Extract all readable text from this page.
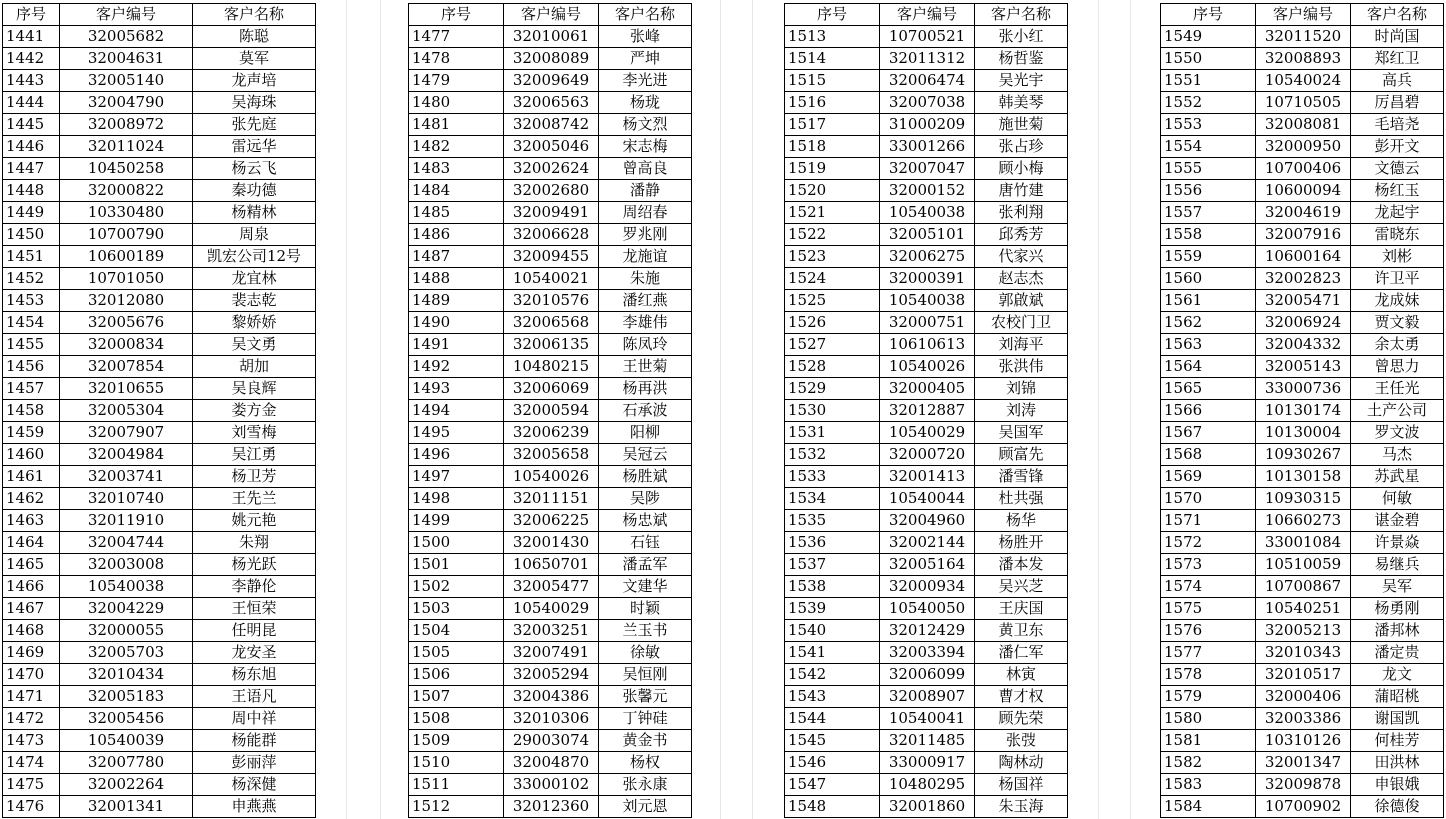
序号	客户编号	客户名称
1441	32005682	陈聪
1442	32004631	莫军
1443	32005140	龙声培
1444	32004790	吴海珠
1445	32008972	张先庭
1446	32011024	雷远华
1447	10450258	杨云飞
1448	32000822	秦功德
1449	10330480	杨精林
1450	10700790	周泉
1451	10600189	凯宏公司12号
1452	10701050	龙宜林
1453	32012080	裴志乾
1454	32005676	黎娇娇
1455	32000834	吴文勇
1456	32007854	胡加
1457	32010655	吴良辉
1458	32005304	娄方金
1459	32007907	刘雪梅
1460	32004984	吴江勇
1461	32003741	杨卫芳
1462	32010740	王先兰
1463	32011910	姚元艳
1464	32004744	朱翔
1465	32003008	杨光跃
1466	10540038	李静伦
1467	32004229	王恒荣
1468	32000055	任明昆
1469	32005703	龙安圣
1470	32010434	杨东旭
1471	32005183	王语凡
1472	32005456	周中祥
1473	10540039	杨能群
1474	32007780	彭丽萍
1475	32002264	杨深健
1476	32001341	申燕燕
序号	客户编号	客户名称
1477	32010061	张峰
1478	32008089	严坤
1479	32009649	李光进
1480	32006563	杨珑
1481	32008742	杨文烈
1482	32005046	宋志梅
1483	32002624	曾高良
1484	32002680	潘静
1485	32009491	周绍春
1486	32006628	罗兆刚
1487	32009455	龙施谊
1488	10540021	朱施
1489	32010576	潘红燕
1490	32006568	李雄伟
1491	32006135	陈凤玲
1492	10480215	王世菊
1493	32006069	杨再洪
1494	32000594	石承波
1495	32006239	阳柳
1496	32005658	吴冠云
1497	10540026	杨胜斌
1498	32011151	吴陟
1499	32006225	杨忠斌
1500	32001430	石钰
1501	10650701	潘孟军
1502	32005477	文建华
1503	10540029	时颖
1504	32003251	兰玉书
1505	32007491	徐敏
1506	32005294	吴恒刚
1507	32004386	张馨元
1508	32010306	丁钟硅
1509	29003074	黄金书
1510	32004870	杨权
1511	33000102	张永康
1512	32012360	刘元恩
序号	客户编号	客户名称
1513	10700521	张小红
1514	32011312	杨哲鉴
1515	32006474	吴光宇
1516	32007038	韩美琴
1517	31000209	施世菊
1518	33001266	张占珍
1519	32007047	顾小梅
1520	32000152	唐竹建
1521	10540038	张利翔
1522	32005101	邱秀芳
1523	32006275	代家兴
1524	32000391	赵志杰
1525	10540038	郭啟斌
1526	32000751	农校门卫
1527	10610613	刘海平
1528	10540026	张洪伟
1529	32000405	刘锦
1530	32012887	刘涛
1531	10540029	吴国军
1532	32000720	顾富先
1533	32001413	潘雪锋
1534	10540044	杜共强
1535	32004960	杨华
1536	32002144	杨胜开
1537	32005164	潘本发
1538	32000934	吴兴芝
1539	10540050	王庆国
1540	32012429	黄卫东
1541	32003394	潘仁军
1542	32006099	林寅
1543	32008907	曹才权
1544	10540041	顾先荣
1545	32011485	张弢
1546	33000917	陶林动
1547	10480295	杨国祥
1548	32001860	朱玉海
序号	客户编号	客户名称
1549	32011520	时尚国
1550	32008893	郑红卫
1551	10540024	高兵
1552	10710505	厉昌碧
1553	32008081	毛培尧
1554	32000950	彭开文
1555	10700406	文德云
1556	10600094	杨红玉
1557	32004619	龙起宇
1558	32007916	雷晓东
1559	10600164	刘彬
1560	32002823	许卫平
1561	32005471	龙成妹
1562	32006924	贾文毅
1563	32004332	余太勇
1564	32005143	曾思力
1565	33000736	王任光
1566	10130174	土产公司
1567	10130004	罗文波
1568	10930267	马杰
1569	10130158	苏武星
1570	10930315	何敏
1571	10660273	谌金碧
1572	33001084	许景焱
1573	10510059	易继兵
1574	10700867	吴军
1575	10540251	杨勇刚
1576	32005213	潘邦林
1577	32010343	潘定贵
1578	32010517	龙文
1579	32000406	蒲昭桃
1580	32003386	谢国凯
1581	10310126	何桂芳
1582	32001347	田洪林
1583	32009878	申银娥
1584	10700902	徐德俊
